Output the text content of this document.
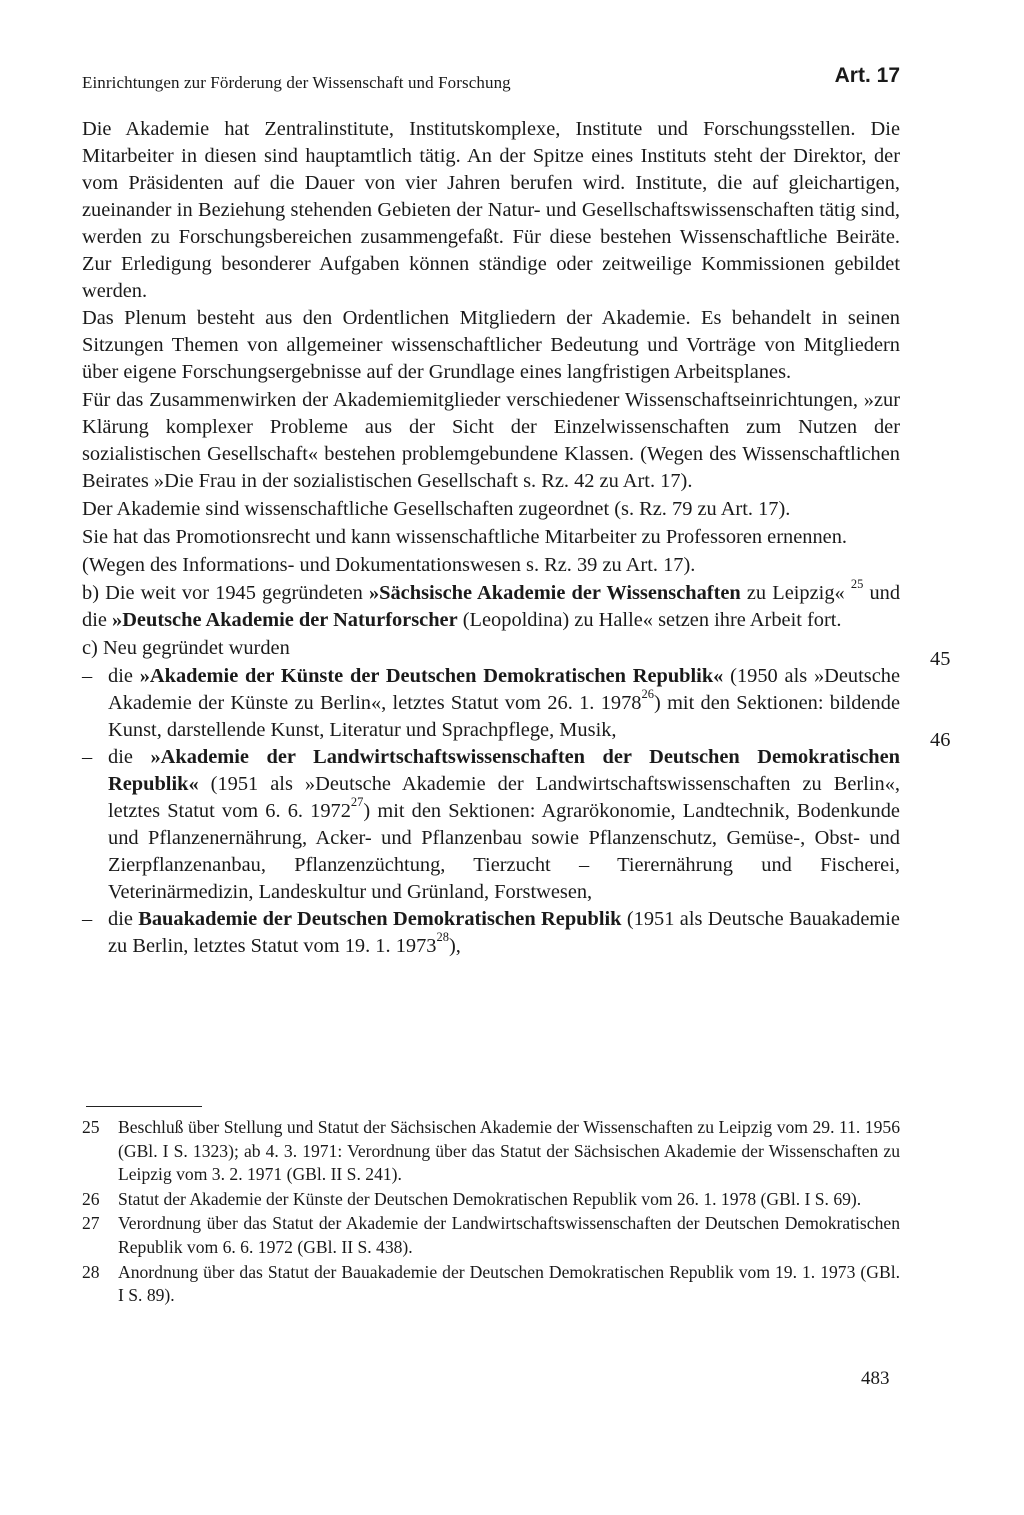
Einrichtungen zur Förderung der Wissenschaft und Forschung	Art. 17

Die Akademie hat Zentralinstitute, Institutskomplexe, Institute und Forschungsstellen. Die Mitarbeiter in diesen sind hauptamtlich tätig. An der Spitze eines Instituts steht der Direktor, der vom Präsidenten auf die Dauer von vier Jahren berufen wird. Institute, die auf gleichartigen, zueinander in Beziehung stehenden Gebieten der Natur- und Gesellschaftswissenschaften tätig sind, werden zu Forschungsbereichen zusammengefaßt. Für diese bestehen Wissenschaftliche Beiräte. Zur Erledigung besonderer Aufgaben können ständige oder zeitweilige Kommissionen gebildet werden.

Das Plenum besteht aus den Ordentlichen Mitgliedern der Akademie. Es behandelt in seinen Sitzungen Themen von allgemeiner wissenschaftlicher Bedeutung und Vorträge von Mitgliedern über eigene Forschungsergebnisse auf der Grundlage eines langfristigen Arbeitsplanes.

Für das Zusammenwirken der Akademiemitglieder verschiedener Wissenschaftseinrichtungen, »zur Klärung komplexer Probleme aus der Sicht der Einzelwissenschaften zum Nutzen der sozialistischen Gesellschaft« bestehen problemgebundene Klassen. (Wegen des Wissenschaftlichen Beirates »Die Frau in der sozialistischen Gesellschaft s. Rz. 42 zu Art. 17).

Der Akademie sind wissenschaftliche Gesellschaften zugeordnet (s. Rz. 79 zu Art. 17).

Sie hat das Promotionsrecht und kann wissenschaftliche Mitarbeiter zu Professoren ernennen.

(Wegen des Informations- und Dokumentationswesen s. Rz. 39 zu Art. 17).

b) Die weit vor 1945 gegründeten »Sächsische Akademie der Wissenschaften zu Leipzig« $^{25}$ und die »Deutsche Akademie der Naturforscher (Leopoldina) zu Halle« setzen ihre Arbeit fort.

c) Neu gegründet wurden

– die »Akademie der Künste der Deutschen Demokratischen Republik« (1950 als »Deutsche Akademie der Künste zu Berlin«, letztes Statut vom 26. 1. 1978$^{26}$) mit den Sektionen: bildende Kunst, darstellende Kunst, Literatur und Sprachpflege, Musik,

– die »Akademie der Landwirtschaftswissenschaften der Deutschen Demokratischen Republik« (1951 als »Deutsche Akademie der Landwirtschaftswissenschaften zu Berlin«, letztes Statut vom 6. 6. 1972$^{27}$) mit den Sektionen: Agrarökonomie, Landtechnik, Bodenkunde und Pflanzenernährung, Acker- und Pflanzenbau sowie Pflanzenschutz, Gemüse-, Obst- und Zierpflanzenanbau, Pflanzenzüchtung, Tierzucht – Tierernährung und Fischerei, Veterinärmedizin, Landeskultur und Grünland, Forstwesen,

– die Bauakademie der Deutschen Demokratischen Republik (1951 als Deutsche Bauakademie zu Berlin, letztes Statut vom 19. 1. 1973$^{28}$),

45
46

25 Beschluß über Stellung und Statut der Sächsischen Akademie der Wissenschaften zu Leipzig vom 29. 11. 1956 (GBl. I S. 1323); ab 4. 3. 1971: Verordnung über das Statut der Sächsischen Akademie der Wissenschaften zu Leipzig vom 3. 2. 1971 (GBl. II S. 241).

26 Statut der Akademie der Künste der Deutschen Demokratischen Republik vom 26. 1. 1978 (GBl. I S. 69).

27 Verordnung über das Statut der Akademie der Landwirtschaftswissenschaften der Deutschen Demokratischen Republik vom 6. 6. 1972 (GBl. II S. 438).

28 Anordnung über das Statut der Bauakademie der Deutschen Demokratischen Republik vom 19. 1. 1973 (GBl. I S. 89).

483
